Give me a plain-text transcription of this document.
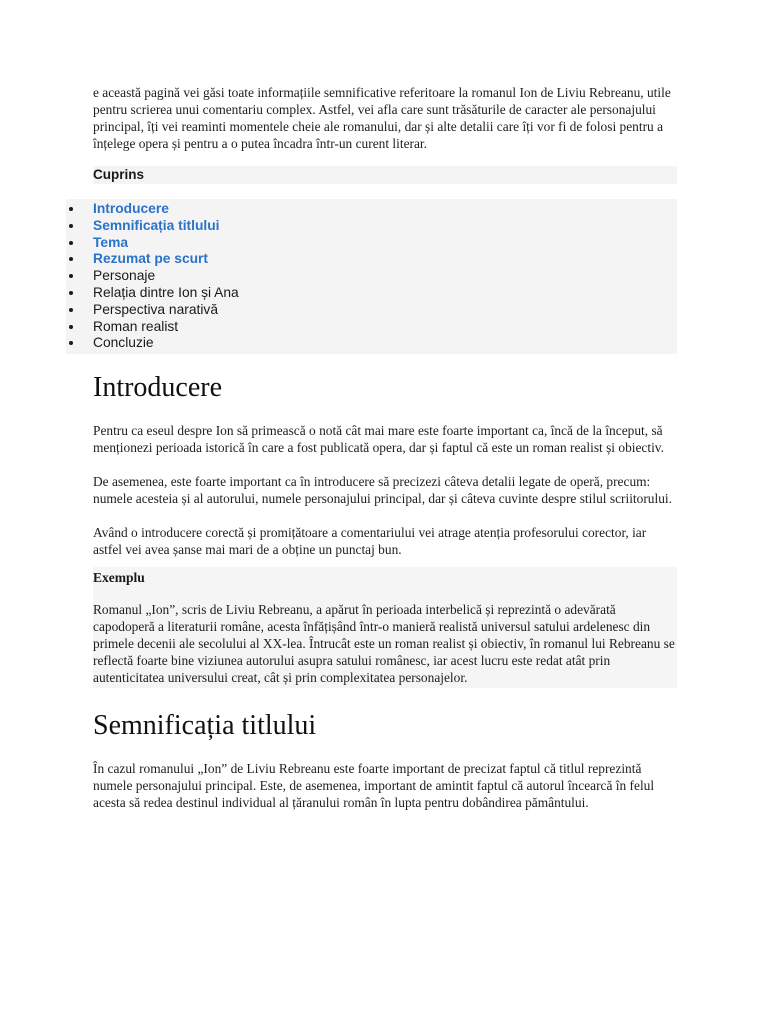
e această pagină vei găsi toate informațiile semnificative referitoare la romanul Ion de Liviu Rebreanu, utile pentru scrierea unui comentariu complex. Astfel, vei afla care sunt trăsăturile de caracter ale personajului principal, îți vei reaminti momentele cheie ale romanului, dar și alte detalii care îți vor fi de folosi pentru a înțelege opera și pentru a o putea încadra într-un curent literar.

Cuprins
Introducere
Semnificația titlului
Tema
Rezumat pe scurt
Personaje
Relația dintre Ion și Ana
Perspectiva narativă
Roman realist
Concluzie
Introducere

Pentru ca eseul despre Ion să primească o notă cât mai mare este foarte important ca, încă de la început, să menționezi perioada istorică în care a fost publicată opera, dar și faptul că este un roman realist și obiectiv.

De asemenea, este foarte important ca în introducere să precizezi câteva detalii legate de operă, precum: numele acesteia și al autorului, numele personajului principal, dar și câteva cuvinte despre stilul scriitorului.

Având o introducere corectă și promițătoare a comentariului vei atrage atenția profesorului corector, iar astfel vei avea șanse mai mari de a obține un punctaj bun.

Exemplu

Romanul „Ion”, scris de Liviu Rebreanu, a apărut în perioada interbelică și reprezintă o adevărată capodoperă a literaturii române, acesta înfățișând într-o manieră realistă universul satului ardelenesc din primele decenii ale secolului al XX-lea. Întrucât este un roman realist și obiectiv, în romanul lui Rebreanu se reflectă foarte bine viziunea autorului asupra satului românesc, iar acest lucru este redat atât prin autenticitatea universului creat, cât și prin complexitatea personajelor.

Semnificația titlului

În cazul romanului „Ion” de Liviu Rebreanu este foarte important de precizat faptul că titlul reprezintă numele personajului principal. Este, de asemenea, important de amintit faptul că autorul încearcă în felul acesta să redea destinul individual al țăranului român în lupta pentru dobândirea pământului.
